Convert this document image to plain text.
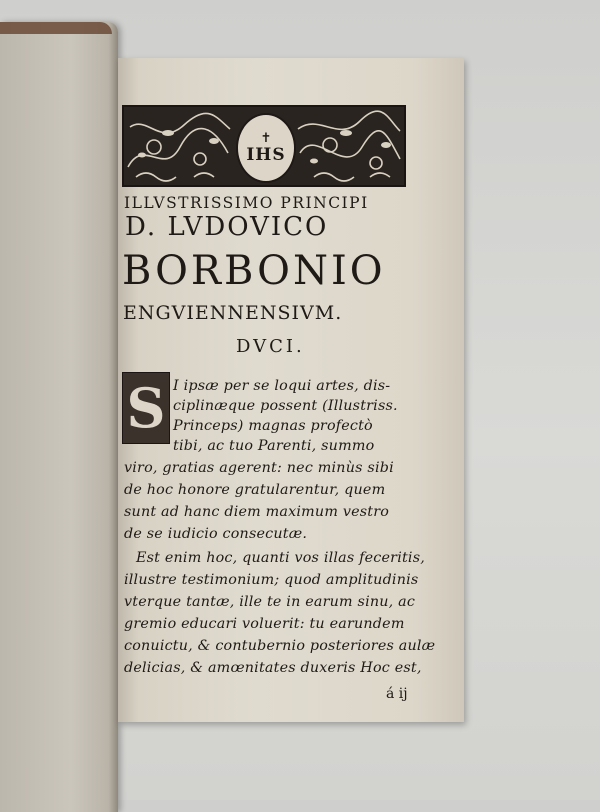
✝
IHS
ILLVSTRISSIMO PRINCIPI
D. LVDOVICO
BORBONIO
ENGVIENNENSIVM.
DVCI.
S I ipsæ per se loqui artes, dis-
ciplinæque possent (Illustriss.
Princeps) magnas profectò
tibi, ac tuo Parenti, summo
viro, gratias agerent: nec minùs sibi
de hoc honore gratularentur, quem
sunt ad hanc diem maximum vestro
de se iudicio consecutæ.
Est enim hoc, quanti vos illas feceritis,
illustre testimonium; quod amplitudinis
vterque tantæ, ille te in earum sinu, ac
gremio educari voluerit: tu earundem
conuictu, & contubernio posteriores aulæ
delicias, & amœnitates duxeris Hoc est,
á ij
